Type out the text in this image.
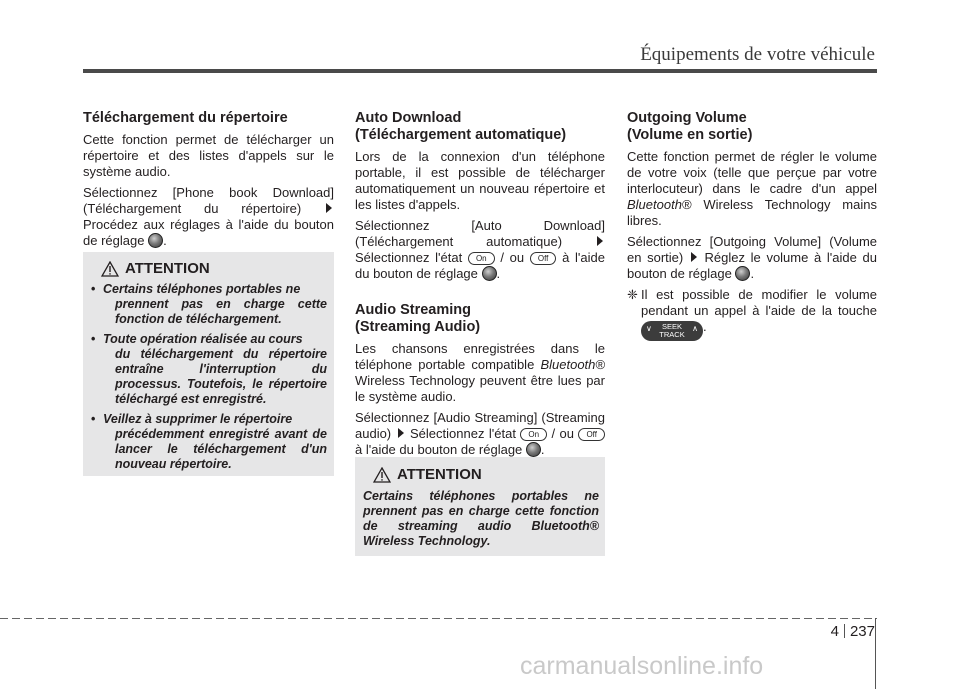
Équipements de votre véhicule
Téléchargement du répertoire

Cette fonction permet de télécharger un répertoire et des listes d'appels sur le système audio.

Sélectionnez [Phone book Download] (Téléchargement du répertoire)  Procédez aux réglages à l'aide du bouton de réglage .

ATTENTION
• Certains téléphones portables ne
prennent pas en charge cette fonction de téléchargement.
• Toute opération réalisée au cours
du téléchargement du répertoire entraîne l'interruption du processus. Toutefois, le répertoire téléchargé est enregistré.
• Veillez à supprimer le répertoire
précédemment enregistré avant de lancer le téléchargement d'un nouveau répertoire.
Auto Download
(Téléchargement automatique)

Lors de la connexion d'un téléphone portable, il est possible de télécharger automatiquement un nouveau répertoire et les listes d'appels.

Sélectionnez [Auto Download] (Téléchargement automatique)  Sélectionnez l'état On / ou Off à l'aide du bouton de réglage .

Audio Streaming
(Streaming Audio)

Les chansons enregistrées dans le téléphone portable compatible Bluetooth® Wireless Technology peuvent être lues par le système audio.

Sélectionnez [Audio Streaming] (Streaming audio) Sélectionnez l'état On / ou Off à l'aide du bouton de réglage .

ATTENTION

Certains téléphones portables ne prennent pas en charge cette fonction de streaming audio Bluetooth® Wireless Technology.

Outgoing Volume
(Volume en sortie)

Cette fonction permet de régler le volume de votre voix (telle que perçue par votre interlocuteur) dans le cadre d'un appel Bluetooth® Wireless Technology mains libres.

Sélectionnez [Outgoing Volume] (Volume en sortie) Réglez le volume à l'aide du bouton de réglage .

❈ Il est possible de modifier le volume pendant un appel à l'aide de la touche
∨	SEEK
TRACK
∧ .

4 237
carmanualsonline.info
